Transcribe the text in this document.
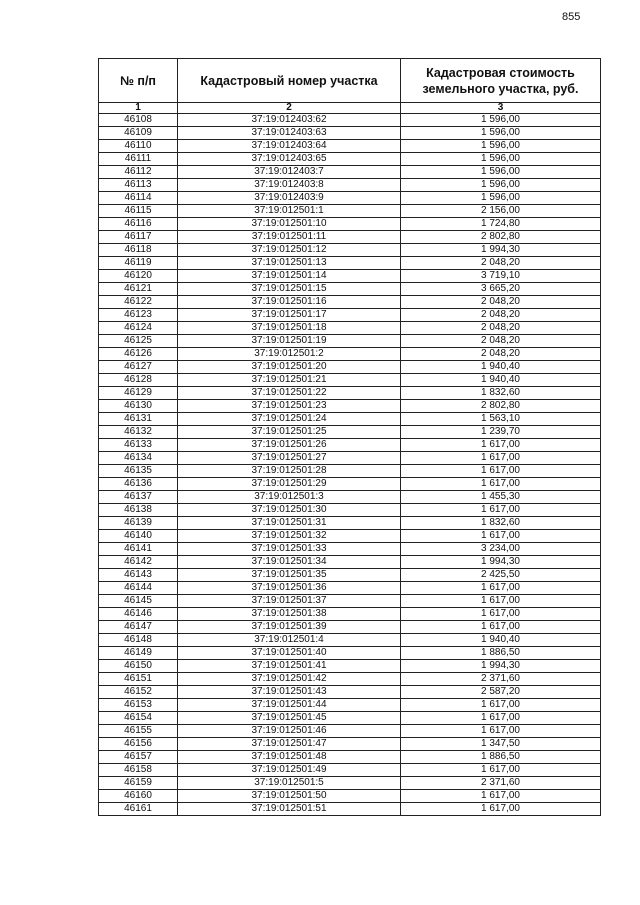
855
№ п/п	Кадастровый номер участка	Кадастровая стоимость земельного участка, руб.
1	2	3
46108	37:19:012403:62	1 596,00
46109	37:19:012403:63	1 596,00
46110	37:19:012403:64	1 596,00
46111	37:19:012403:65	1 596,00
46112	37:19:012403:7	1 596,00
46113	37:19:012403:8	1 596,00
46114	37:19:012403:9	1 596,00
46115	37:19:012501:1	2 156,00
46116	37:19:012501:10	1 724,80
46117	37:19:012501:11	2 802,80
46118	37:19:012501:12	1 994,30
46119	37:19:012501:13	2 048,20
46120	37:19:012501:14	3 719,10
46121	37:19:012501:15	3 665,20
46122	37:19:012501:16	2 048,20
46123	37:19:012501:17	2 048,20
46124	37:19:012501:18	2 048,20
46125	37:19:012501:19	2 048,20
46126	37:19:012501:2	2 048,20
46127	37:19:012501:20	1 940,40
46128	37:19:012501:21	1 940,40
46129	37:19:012501:22	1 832,60
46130	37:19:012501:23	2 802,80
46131	37:19:012501:24	1 563,10
46132	37:19:012501:25	1 239,70
46133	37:19:012501:26	1 617,00
46134	37:19:012501:27	1 617,00
46135	37:19:012501:28	1 617,00
46136	37:19:012501:29	1 617,00
46137	37:19:012501:3	1 455,30
46138	37:19:012501:30	1 617,00
46139	37:19:012501:31	1 832,60
46140	37:19:012501:32	1 617,00
46141	37:19:012501:33	3 234,00
46142	37:19:012501:34	1 994,30
46143	37:19:012501:35	2 425,50
46144	37:19:012501:36	1 617,00
46145	37:19:012501:37	1 617,00
46146	37:19:012501:38	1 617,00
46147	37:19:012501:39	1 617,00
46148	37:19:012501:4	1 940,40
46149	37:19:012501:40	1 886,50
46150	37:19:012501:41	1 994,30
46151	37:19:012501:42	2 371,60
46152	37:19:012501:43	2 587,20
46153	37:19:012501:44	1 617,00
46154	37:19:012501:45	1 617,00
46155	37:19:012501:46	1 617,00
46156	37:19:012501:47	1 347,50
46157	37:19:012501:48	1 886,50
46158	37:19:012501:49	1 617,00
46159	37:19:012501:5	2 371,60
46160	37:19:012501:50	1 617,00
46161	37:19:012501:51	1 617,00
